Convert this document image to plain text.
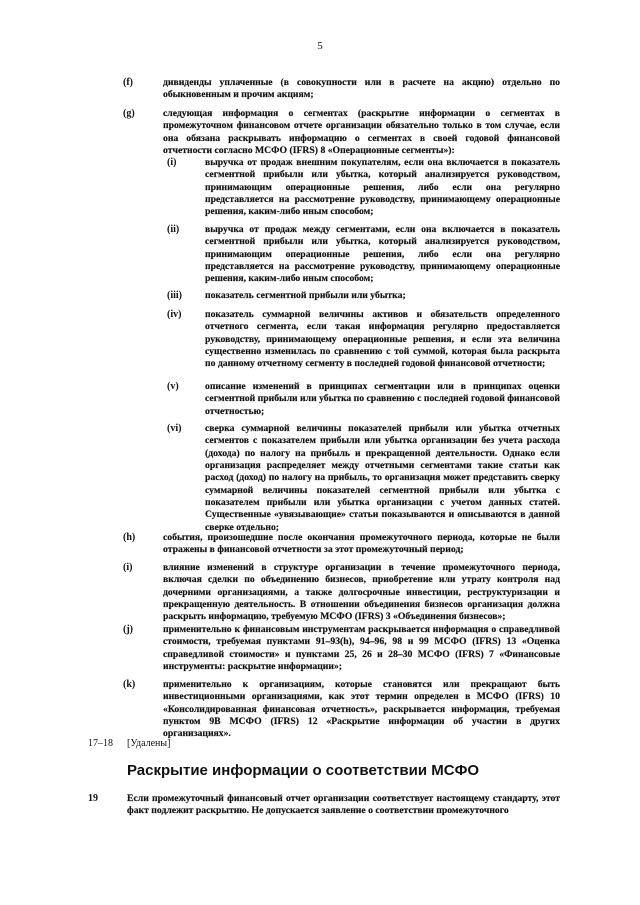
5
(f)	дивиденды уплаченные (в совокупности или в расчете на акцию) отдельно по обыкновенным и прочим акциям;
(g)	следующая информация о сегментах (раскрытие информации о сегментах в промежуточном финансовом отчете организации обязательно только в том случае, если она обязана раскрывать информацию о сегментах в своей годовой финансовой отчетности согласно МСФО (IFRS) 8 «Операционные сегменты»):
(i)	выручка от продаж внешним покупателям, если она включается в показатель сегментной прибыли или убытка, который анализируется руководством, принимающим операционные решения, либо если она регулярно представляется на рассмотрение руководству, принимающему операционные решения, каким-либо иным способом;
(ii)	выручка от продаж между сегментами, если она включается в показатель сегментной прибыли или убытка, который анализируется руководством, принимающим операционные решения, либо если она регулярно представляется на рассмотрение руководству, принимающему операционные решения, каким-либо иным способом;
(iii) показатель сегментной прибыли или убытка;
(iv) показатель суммарной величины активов и обязательств определенного отчетного сегмента, если такая информация регулярно предоставляется руководству, принимающему операционные решения, и если эта величина существенно изменилась по сравнению с той суммой, которая была раскрыта по данному отчетному сегменту в последней годовой финансовой отчетности;
(v)	описание изменений в принципах сегментации или в принципах оценки сегментной прибыли или убытка по сравнению с последней годовой финансовой отчетностью;
(vi) сверка суммарной величины показателей прибыли или убытка отчетных сегментов с показателем прибыли или убытка организации без учета расхода (дохода) по налогу на прибыль и прекращенной деятельности. Однако если организация распределяет между отчетными сегментами такие статьи как расход (доход) по налогу на прибыль, то организация может представить сверку суммарной величины показателей сегментной прибыли или убытка с показателем прибыли или убытка организации с учетом данных статей. Существенные «увязывающие» статьи показываются и описываются в данной сверке отдельно;
(h)	события, произошедшие после окончания промежуточного периода, которые не были отражены в финансовой отчетности за этот промежуточный период;
(i)	влияние изменений в структуре организации в течение промежуточного периода, включая сделки по объединению бизнесов, приобретение или утрату контроля над дочерними организациями, а также долгосрочные инвестиции, реструктуризации и прекращенную деятельность. В отношении объединения бизнесов организация должна раскрыть информацию, требуемую МСФО (IFRS) 3 «Объединения бизнесов»;
(j)	применительно к финансовым инструментам раскрывается информация о справедливой стоимости, требуемая пунктами 91–93(h), 94–96, 98 и 99 МСФО (IFRS) 13 «Оценка справедливой стоимости» и пунктами 25, 26 и 28–30 МСФО (IFRS) 7 «Финансовые инструменты: раскрытие информации»;
(k)	применительно к организациям, которые становятся или прекращают быть инвестиционными организациями, как этот термин определен в МСФО (IFRS) 10 «Консолидированная финансовая отчетность», раскрывается информация, требуемая пунктом 9B МСФО (IFRS) 12 «Раскрытие информации об участии в других организациях».
17–18 [Удалены]
Раскрытие информации о соответствии МСФО
19	Если промежуточный финансовый отчет организации соответствует настоящему стандарту, этот факт подлежит раскрытию. Не допускается заявление о соответствии промежуточного
